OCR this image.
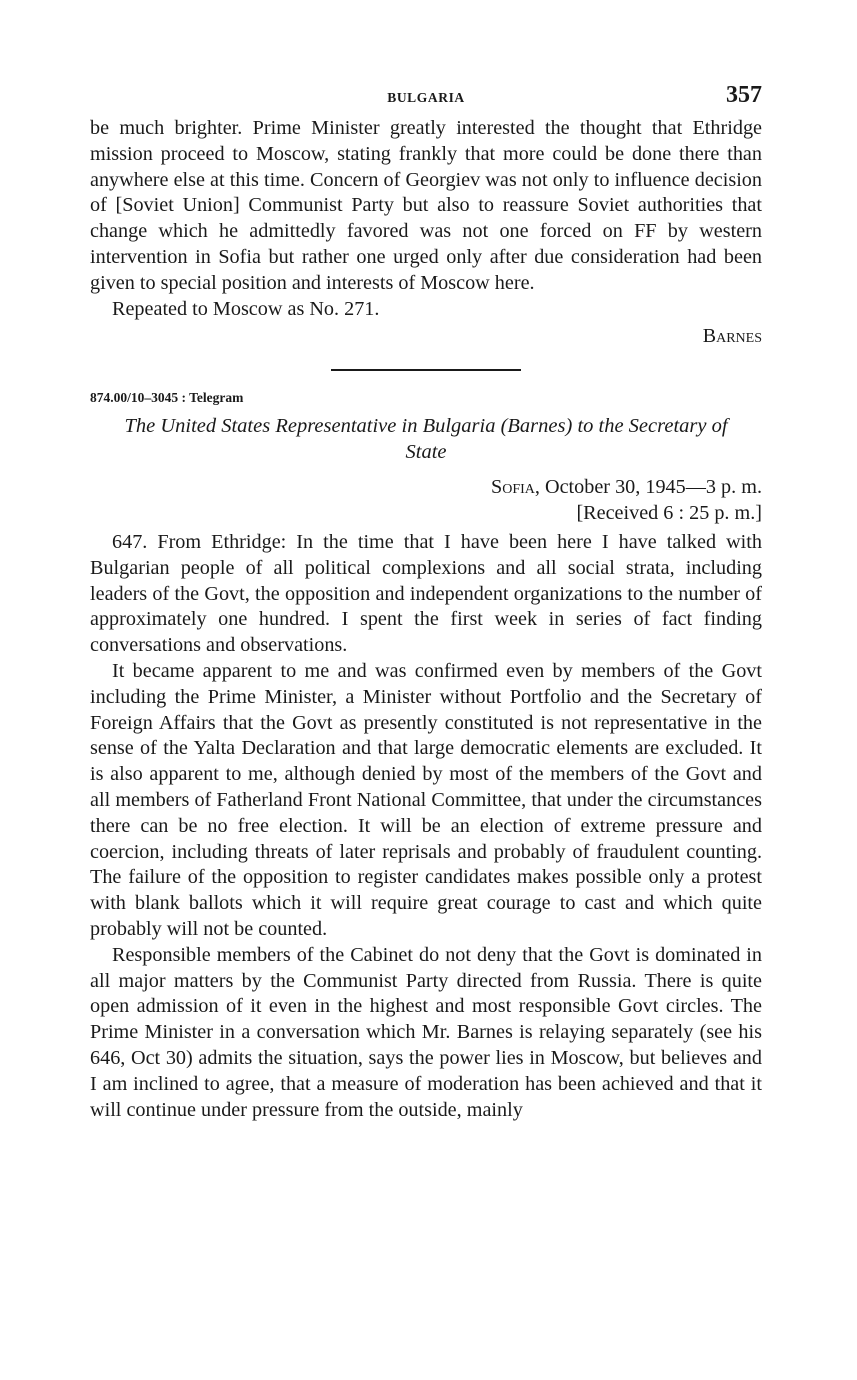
BULGARIA	357

be much brighter. Prime Minister greatly interested the thought that Ethridge mission proceed to Moscow, stating frankly that more could be done there than anywhere else at this time. Concern of Georgiev was not only to influence decision of [Soviet Union] Communist Party but also to reassure Soviet authorities that change which he admittedly favored was not one forced on FF by western intervention in Sofia but rather one urged only after due consideration had been given to special position and interests of Moscow here.

Repeated to Moscow as No. 271.

Barnes
874.00/10–3045 : Telegram
The United States Representative in Bulgaria (Barnes) to the Secretary of State
Sofia, October 30, 1945—3 p. m.
[Received 6 : 25 p. m.]

647. From Ethridge: In the time that I have been here I have talked with Bulgarian people of all political complexions and all social strata, including leaders of the Govt, the opposition and independent organizations to the number of approximately one hundred. I spent the first week in series of fact finding conversations and observations.

It became apparent to me and was confirmed even by members of the Govt including the Prime Minister, a Minister without Portfolio and the Secretary of Foreign Affairs that the Govt as presently constituted is not representative in the sense of the Yalta Declaration and that large democratic elements are excluded. It is also apparent to me, although denied by most of the members of the Govt and all members of Fatherland Front National Committee, that under the circumstances there can be no free election. It will be an election of extreme pressure and coercion, including threats of later reprisals and probably of fraudulent counting. The failure of the opposition to register candidates makes possible only a protest with blank ballots which it will require great courage to cast and which quite probably will not be counted.

Responsible members of the Cabinet do not deny that the Govt is dominated in all major matters by the Communist Party directed from Russia. There is quite open admission of it even in the highest and most responsible Govt circles. The Prime Minister in a conversation which Mr. Barnes is relaying separately (see his 646, Oct 30) admits the situation, says the power lies in Moscow, but believes and I am inclined to agree, that a measure of moderation has been achieved and that it will continue under pressure from the outside, mainly
